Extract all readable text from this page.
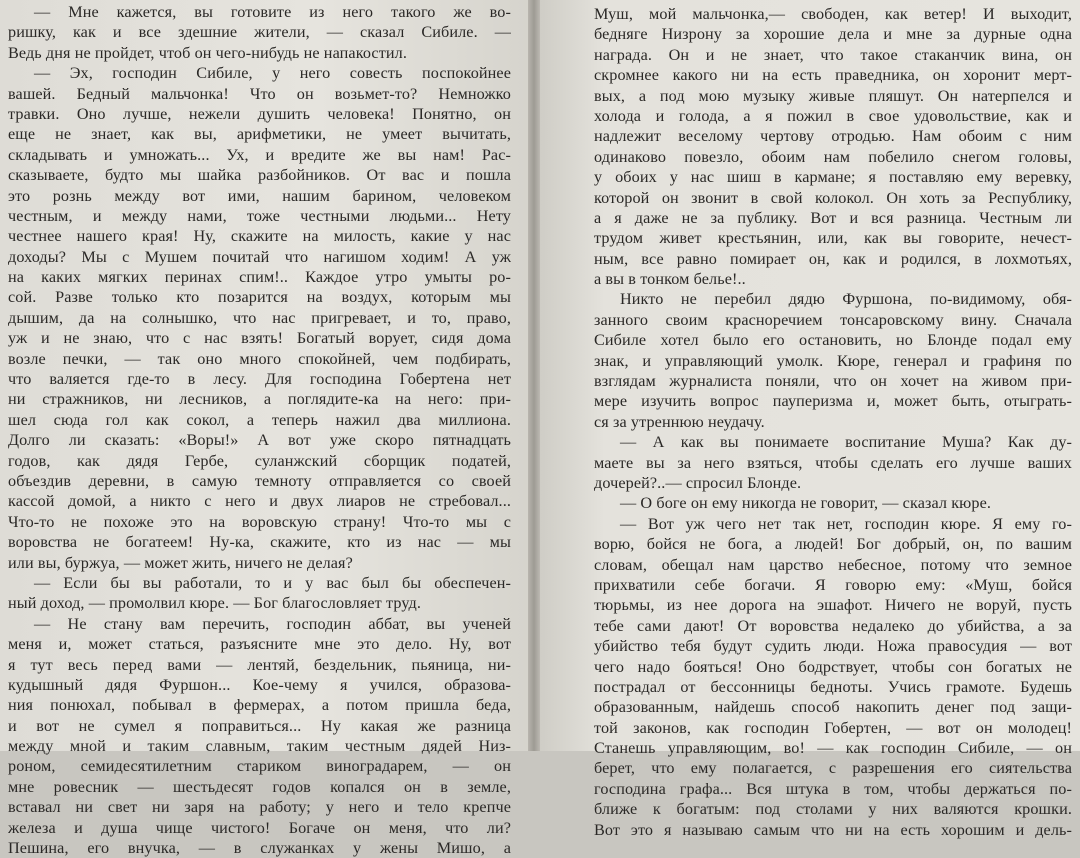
— Мне кажется, вы готовите из него такого же во-
ришку, как и все здешние жители, — сказал Сибиле. —
Ведь дня не пройдет, чтоб он чего-нибудь не напакостил.
— Эх, господин Сибиле, у него совесть поспокойнее
вашей. Бедный мальчонка! Что он возьмет-то? Немножко
травки. Оно лучше, нежели душить человека! Понятно, он
еще не знает, как вы, арифметики, не умеет вычитать,
складывать и умножать... Ух, и вредите же вы нам! Рас-
сказываете, будто мы шайка разбойников. От вас и пошла
это рознь между вот ими, нашим барином, человеком
честным, и между нами, тоже честными людьми... Нету
честнее нашего края! Ну, скажите на милость, какие у нас
доходы? Мы с Мушем почитай что нагишом ходим! А уж
на каких мягких перинах спим!.. Каждое утро умыты ро-
сой. Разве только кто позарится на воздух, которым мы
дышим, да на солнышко, что нас пригревает, и то, право,
уж и не знаю, что с нас взять! Богатый ворует, сидя дома
возле печки, — так оно много спокойней, чем подбирать,
что валяется где-то в лесу. Для господина Гобертена нет
ни стражников, ни лесников, а поглядите-ка на него: при-
шел сюда гол как сокол, а теперь нажил два миллиона.
Долго ли сказать: «Воры!» А вот уже скоро пятнадцать
годов, как дядя Гербе, суланжский сборщик податей,
объездив деревни, в самую темноту отправляется со своей
кассой домой, а никто с него и двух лиаров не стребовал...
Что-то не похоже это на воровскую страну! Что-то мы с
воровства не богатеем! Ну-ка, скажите, кто из нас — мы
или вы, буржуа, — может жить, ничего не делая?
— Если бы вы работали, то и у вас был бы обеспечен-
ный доход, — промолвил кюре. — Бог благословляет труд.
— Не стану вам перечить, господин аббат, вы ученей
меня и, может статься, разъясните мне это дело. Ну, вот
я тут весь перед вами — лентяй, бездельник, пьяница, ни-
кудышный дядя Фуршон... Кое-чему я учился, образова-
ния понюхал, побывал в фермерах, а потом пришла беда,
и вот не сумел я поправиться... Ну какая же разница
между мной и таким славным, таким честным дядей Низ-
роном, семидесятилетним стариком виноградарем, — он
мне ровесник — шестьдесят годов копался он в земле,
вставал ни свет ни заря на работу; у него и тело крепче
железа и душа чище чистого! Богаче он меня, что ли?
Пешина, его внучка, — в служанках у жены Мишо, а
Муш, мой мальчонка,— свободен, как ветер! И выходит,
бедняге Низрону за хорошие дела и мне за дурные одна
награда. Он и не знает, что такое стаканчик вина, он
скромнее какого ни на есть праведника, он хоронит мерт-
вых, а под мою музыку живые пляшут. Он натерпелся и
холода и голода, а я пожил в свое удовольствие, как и
надлежит веселому чертову отродью. Нам обоим с ним
одинаково повезло, обоим нам побелило снегом головы,
у обоих у нас шиш в кармане; я поставляю ему веревку,
которой он звонит в свой колокол. Он хоть за Республику,
а я даже не за публику. Вот и вся разница. Честным ли
трудом живет крестьянин, или, как вы говорите, нечест-
ным, все равно помирает он, как и родился, в лохмотьях,
а вы в тонком белье!..
Никто не перебил дядю Фуршона, по-видимому, обя-
занного своим красноречием тонсаровскому вину. Сначала
Сибиле хотел было его остановить, но Блонде подал ему
знак, и управляющий умолк. Кюре, генерал и графиня по
взглядам журналиста поняли, что он хочет на живом при-
мере изучить вопрос пауперизма и, может быть, отыграть-
ся за утреннюю неудачу.
— А как вы понимаете воспитание Муша? Как ду-
маете вы за него взяться, чтобы сделать его лучше ваших
дочерей?..— спросил Блонде.
— О боге он ему никогда не говорит, — сказал кюре.
— Вот уж чего нет так нет, господин кюре. Я ему го-
ворю, бойся не бога, а людей! Бог добрый, он, по вашим
словам, обещал нам царство небесное, потому что земное
прихватили себе богачи. Я говорю ему: «Муш, бойся
тюрьмы, из нее дорога на эшафот. Ничего не воруй, пусть
тебе сами дают! От воровства недалеко до убийства, а за
убийство тебя будут судить люди. Ножа правосудия — вот
чего надо бояться! Оно бодрствует, чтобы сон богатых не
пострадал от бессонницы бедноты. Учись грамоте. Будешь
образованным, найдешь способ накопить денег под защи-
той законов, как господин Гобертен, — вот он молодец!
Станешь управляющим, во! — как господин Сибиле, — он
берет, что ему полагается, с разрешения его сиятельства
господина графа... Вся штука в том, чтобы держаться по-
ближе к богатым: под столами у них валяются крошки.
Вот это я называю самым что ни на есть хорошим и дель-
